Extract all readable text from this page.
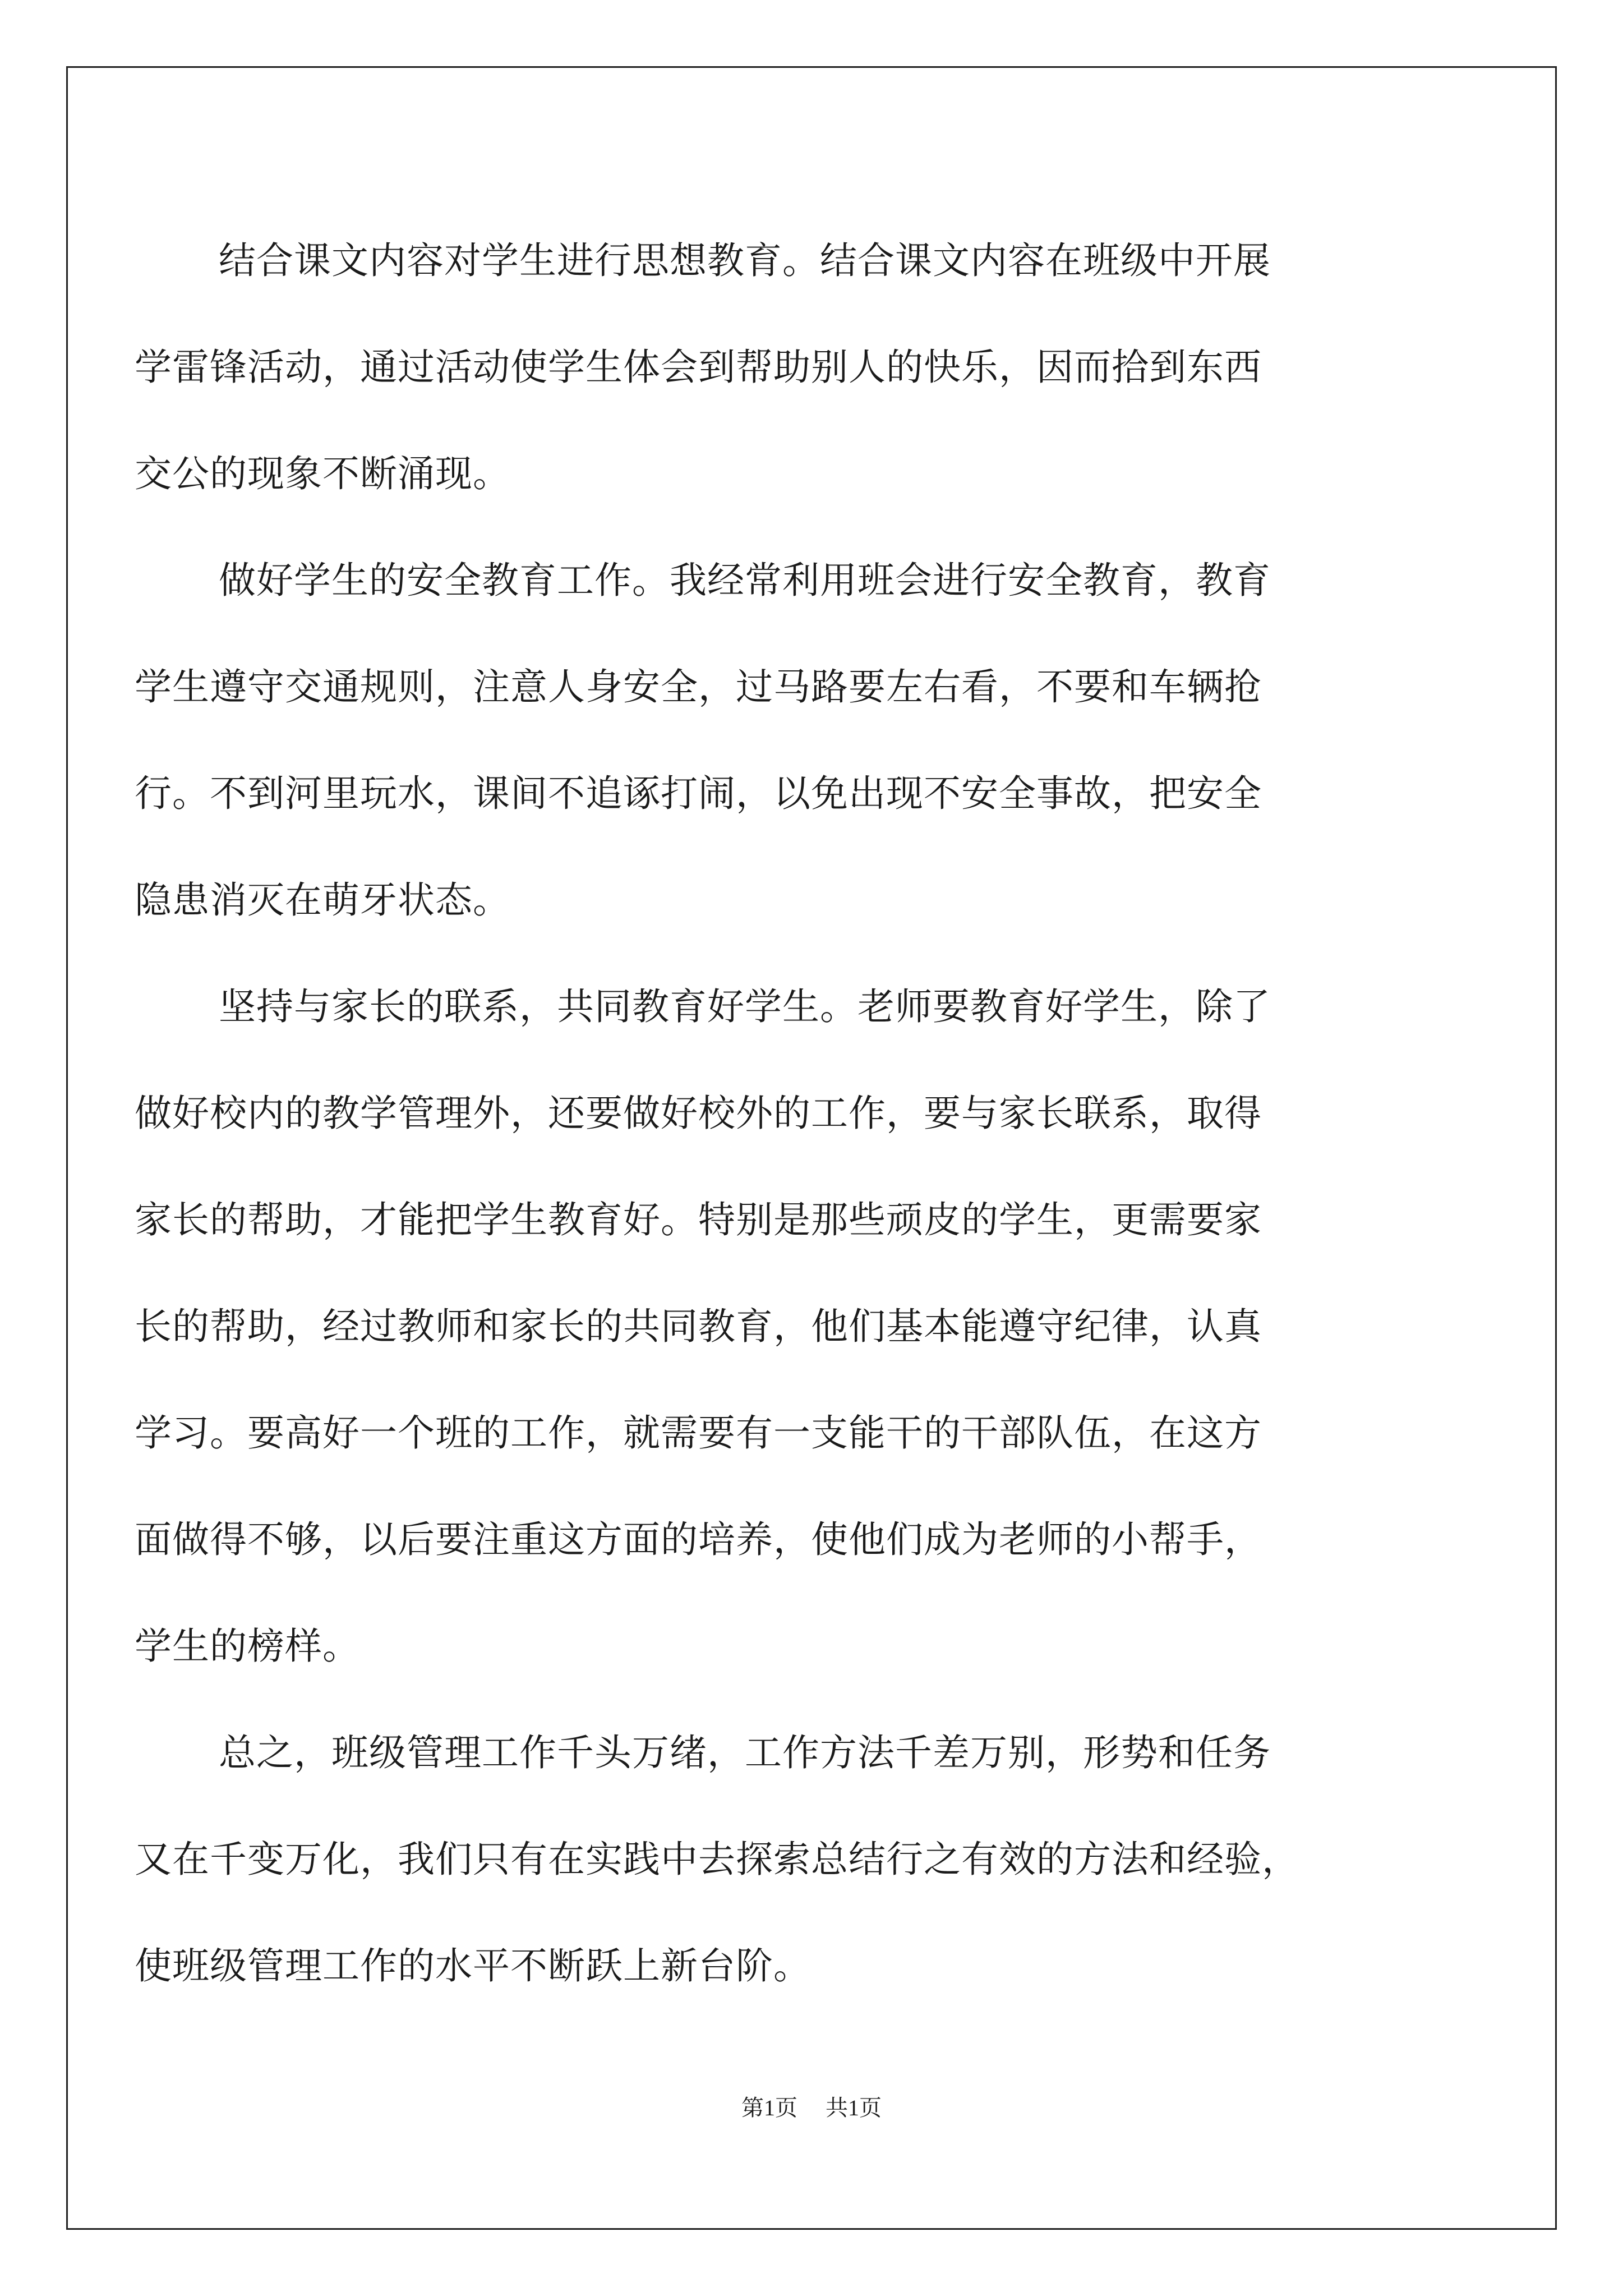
结合课文内容对学生进行思想教育。结合课文内容在班级中开展
学雷锋活动，通过活动使学生体会到帮助别人的快乐，因而拾到东西
交公的现象不断涌现。
做好学生的安全教育工作。我经常利用班会进行安全教育，教育
学生遵守交通规则，注意人身安全，过马路要左右看，不要和车辆抢
行。不到河里玩水，课间不追诼打闹，以免出现不安全事故，把安全
隐患消灭在萌牙状态。
坚持与家长的联系，共同教育好学生。老师要教育好学生，除了
做好校内的教学管理外，还要做好校外的工作，要与家长联系，取得
家长的帮助，才能把学生教育好。特别是那些顽皮的学生，更需要家
长的帮助，经过教师和家长的共同教育，他们基本能遵守纪律，认真
学习。要高好一个班的工作，就需要有一支能干的干部队伍，在这方
面做得不够，以后要注重这方面的培养，使他们成为老师的小帮手，
学生的榜样。
总之，班级管理工作千头万绪，工作方法千差万别，形势和任务
又在千变万化，我们只有在实践中去探索总结行之有效的方法和经验，
使班级管理工作的水平不断跃上新台阶。
第1页 共1页
